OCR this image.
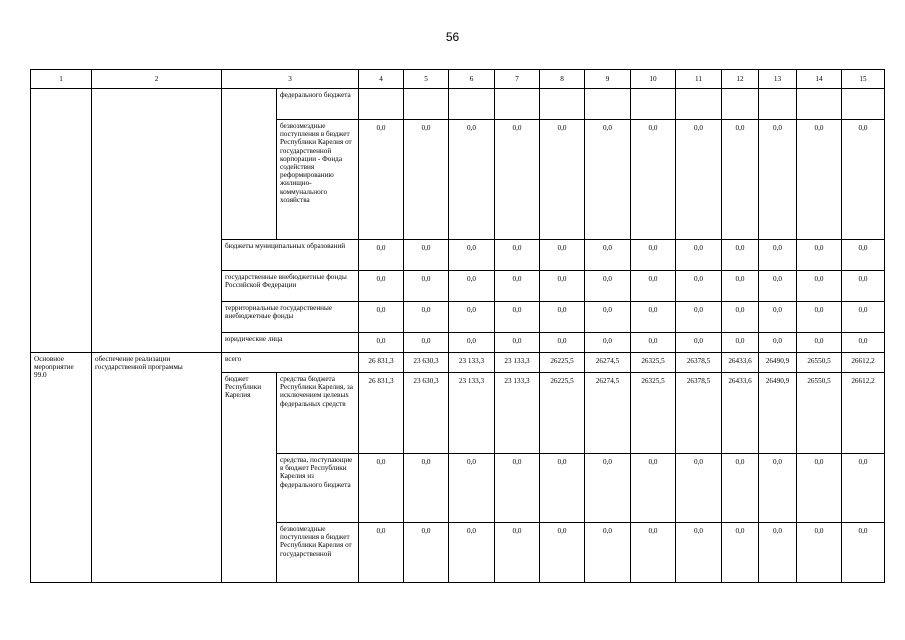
56
1	2	3		4	5	6	7	8	9	10	11	12	13	14	15
			федерального бюджета												
			безвозмездные поступления в бюджет Республики Карелия от государственной корпорации - Фонда содействия реформированию жилищно-коммунального хозяйства	0,0	0,0	0,0	0,0	0,0	0,0	0,0	0,0	0,0	0,0	0,0	0,0
		бюджеты муниципальных образований		0,0	0,0	0,0	0,0	0,0	0,0	0,0	0,0	0,0	0,0	0,0	0,0
		государственные внебюджетные фонды Российской Федерации		0,0	0,0	0,0	0,0	0,0	0,0	0,0	0,0	0,0	0,0	0,0	0,0
		территориальные государственные внебюджетные фонды		0,0	0,0	0,0	0,0	0,0	0,0	0,0	0,0	0,0	0,0	0,0	0,0
		юридические лица		0,0	0,0	0,0	0,0	0,0	0,0	0,0	0,0	0,0	0,0	0,0	0,0
Основное мероприятие 99.0	обеспечение реализации государственной программы	всего		26 831,3	23 630,3	23 133,3	23 133,3	26225,5	26274,5	26325,5	26378,5	26433,6	26490,9	26550,5	26612,2
		бюджет Республики Карелия	средства бюджета Республики Карелия, за исключением целевых федеральных средств	26 831,3	23 630,3	23 133,3	23 133,3	26225,5	26274,5	26325,5	26378,5	26433,6	26490,9	26550,5	26612,2
			средства, поступающие в бюджет Республики Карелия из федерального бюджета	0,0	0,0	0,0	0,0	0,0	0,0	0,0	0,0	0,0	0,0	0,0	0,0
			безвозмездные поступления в бюджет Республики Карелия от государственной	0,0	0,0	0,0	0,0	0,0	0,0	0,0	0,0	0,0	0,0	0,0	0,0
